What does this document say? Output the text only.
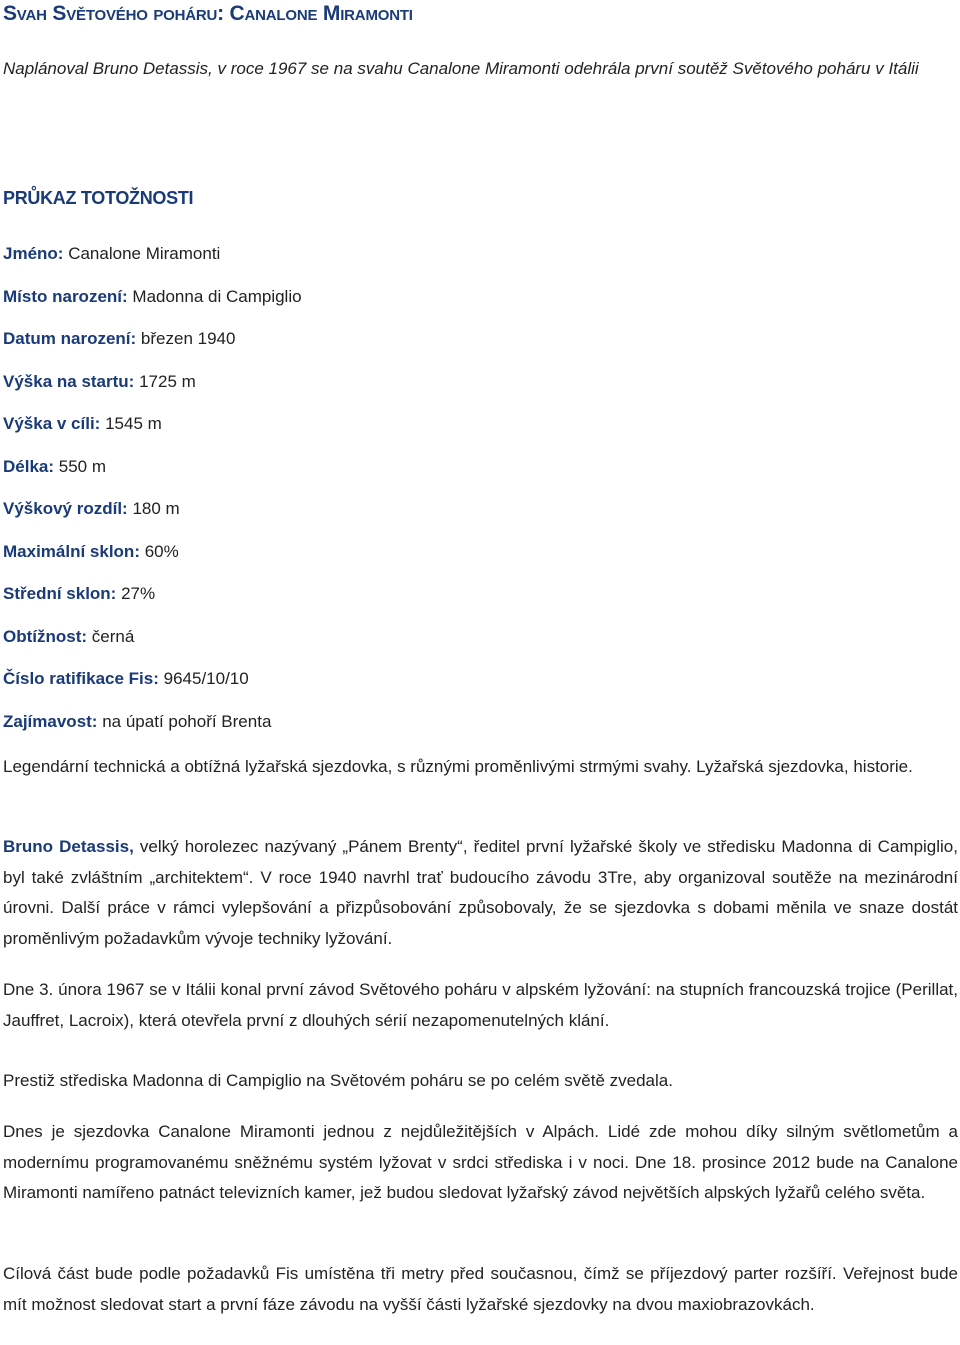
Svah Světového poháru: Canalone Miramonti

Naplánoval Bruno Detassis, v roce 1967 se na svahu Canalone Miramonti odehrála první soutěž Světového poháru v Itálii

PRŮKAZ TOTOŽNOSTI
Jméno: Canalone Miramonti
Místo narození: Madonna di Campiglio
Datum narození: březen 1940
Výška na startu: 1725 m
Výška v cíli: 1545 m
Délka: 550 m
Výškový rozdíl: 180 m
Maximální sklon: 60%
Střední sklon: 27%
Obtížnost: černá
Číslo ratifikace Fis: 9645/10/10
Zajímavost: na úpatí pohoří Brenta

Legendární technická a obtížná lyžařská sjezdovka, s různými proměnlivými strmými svahy. Lyžařská sjezdovka, historie.

Bruno Detassis, velký horolezec nazývaný „Pánem Brenty“, ředitel první lyžařské školy ve středisku Madonna di Campiglio, byl také zvláštním „architektem“. V roce 1940 navrhl trať budoucího závodu 3Tre, aby organizoval soutěže na mezinárodní úrovni. Další práce v rámci vylepšování a přizpůsobování způsobovaly, že se sjezdovka s dobami měnila ve snaze dostát proměnlivým požadavkům vývoje techniky lyžování.

Dne 3. února 1967 se v Itálii konal první závod Světového poháru v alpském lyžování: na stupních francouzská trojice (Perillat, Jauffret, Lacroix), která otevřela první z dlouhých sérií nezapomenutelných klání.

Prestiž střediska Madonna di Campiglio na Světovém poháru se po celém světě zvedala.

Dnes je sjezdovka Canalone Miramonti jednou z nejdůležitějších v Alpách. Lidé zde mohou díky silným světlometům a modernímu programovanému sněžnému systém lyžovat v srdci střediska i v noci. Dne 18. prosince 2012 bude na Canalone Miramonti namířeno patnáct televizních kamer, jež budou sledovat lyžařský závod největších alpských lyžařů celého světa.

Cílová část bude podle požadavků Fis umístěna tři metry před současnou, čímž se příjezdový parter rozšíří. Veřejnost bude mít možnost sledovat start a první fáze závodu na vyšší části lyžařské sjezdovky na dvou maxiobrazovkách.
